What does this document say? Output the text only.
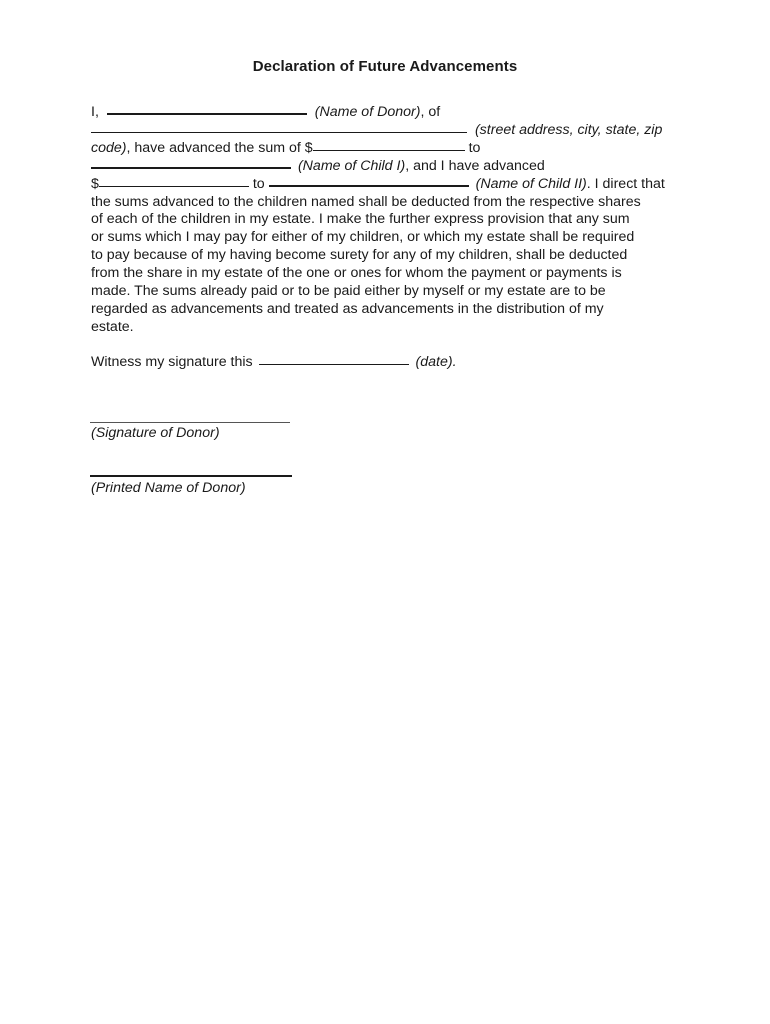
Declaration of Future Advancements
I,	(Name of Donor), of
(street address, city, state, zip
code), have advanced the sum of $	to
(Name of Child I), and I have advanced
$	to	(Name of Child II). I direct that
the sums advanced to the children named shall be deducted from the respective shares
of each of the children in my estate. I make the further express provision that any sum
or sums which I may pay for either of my children, or which my estate shall be required
to pay because of my having become surety for any of my children, shall be deducted
from the share in my estate of the one or ones for whom the payment or payments is
made. The sums already paid or to be paid either by myself or my estate are to be
regarded as advancements and treated as advancements in the distribution of my
estate.
Witness my signature this	(date).
(Signature of Donor)
(Printed Name of Donor)
